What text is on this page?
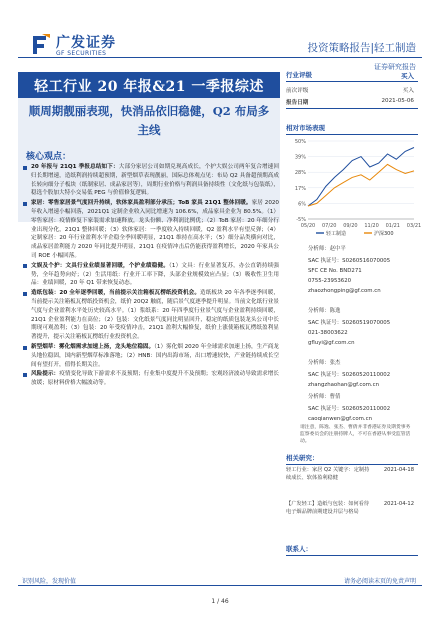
广发证券
GF SECURITIES	投资策略报告|轻工制造
证券研究报告
轻工行业 20 年报&21 一季报综述
顺周期靓丽表现，快消品依旧稳健，Q2 布局多主线
核心观点：
20 年报与 21Q1 季报总结如下：大部分家居公司如期兑现高成长，个护大娱公司两年复合增速回归长期增速，造纸利润持续超预期，新型烟草表现靓丽，国际总体观点见：布局 Q2 具备超预期高成长转向细分子板块（纸制家居、成品家居等），周期行业价格与利润具备持续性（文化纸与包装纸），稳选个股加大特小交易低 PEG 与价值修复逻辑。
家居：零售家居景气度回升持续，软体家具盈利部分承压；ToB 家具 21Q1 整体回暖。家居 2020 年收入增速小幅回落，2021Q1 定制企业收入同比增速为 106.6%，成品家具企业为 80.5%。（1）零售家居：疫情修复下家装需求加速释放，龙头份额、净利润比例优；（2）ToB 家居：20 年细分行业出现分化，21Q1 整体回暖；（3）软体家居：一季度收入持续回暖，Q2 盈利水平有望反弹；（4）定制家居：20 年行业盈利水平企稳全季回暖明显，21Q1 维持在高水平；（5）细分品类横向对比，成品家居盈利能力 2020 年同比提升明显，21Q1 在疫情冲击后仍能获得盈利增长，2020 年家具公司 ROE 小幅回落。
文娱及个护：文具行业业绩显著回暖，个护业绩稳健。（1）文具：行业显著复苏，办公直销持续强势，全年趋势向好；（2）生活用纸：行业开工率下降，头部企业规模效应凸显；（3）吸收性卫生用品：业绩回暖，20 年 Q1 带来恢复动态。
造纸包装：20 全年逐季回暖，当前提示关注箱板瓦楞纸投资机会。造纸板块 20 年各季逐季回暖，当前提示关注箱板瓦楞纸投资机会，纸价 20Q2 触底，随后景气度逐季提升明显。当前文化纸行业景气度与企业盈利水平处历史较高水平。（1）浆纸系：20 年四季度行业景气度与企业盈利持续回暖，21Q1 企业盈利能力在高位；（2）包装：文化纸景气度同比明显回升，稳定的纸质包装龙头公司中长期现可观盈利；（3）包装：20 年受疫情冲击，21Q1 盈利大幅修复，纸价上涨使箱板瓦楞纸盈利显著提升，提示关注箱板瓦楞纸行业投资机会。
新型烟草：雾化烟需求加速上扬，龙头地位稳固。（1）雾化烟 2020 年全球需求加速上扬，生产商龙头地位稳固，国内新型烟草标准落地；（2）HNB：国内出海市场，出口增速较快，产业链持续成长空间有望打开，值得长期关注。
风险提示：疫情变化导致下游需求不及预期；行业集中度提升不及预期；宏观经济波动导致需求增长放缓；原材料价格大幅波动等。
行业评级	买入
前次评级	买入
报告日期	2021-05-06
相对市场表现
50%
39%
28%
17%
6%
-5%
05/20 07/20 09/20 11/20 01/21 03/21
轻工制造	沪深300
分析师：赵中平
SAC 执证号：S0260516070005
SFC CE No. BND271
0755-23953620
zhaozhongping@gf.com.cn
分析师：陈逸
SAC 执证号：S0260519070005
021-38003622
gfluyi@gf.com.cn
分析师：张杰
SAC 执证号：S0260520110002
zhangzhaohan@gf.com.cn
分析师：曹倩
SAC 执证号：S0260520110002
caoqianwen@gf.com.cn
请注意，陈逸、张杰、曹倩并非香港证券及期货事务监察委员会的注册持牌人，不可在香港从事受监管活动。
相关研究：
轻工行业：家居 Q2 关键字：定制持续成长、软体盈利稳健
2021-04-18
【广发轻工】造纸与包装：如何看待电子烟品牌前期建设并层与格局
2021-04-12
联系人：
识别风险，发现价值	请务必阅读末页的免责声明
1 / 46
